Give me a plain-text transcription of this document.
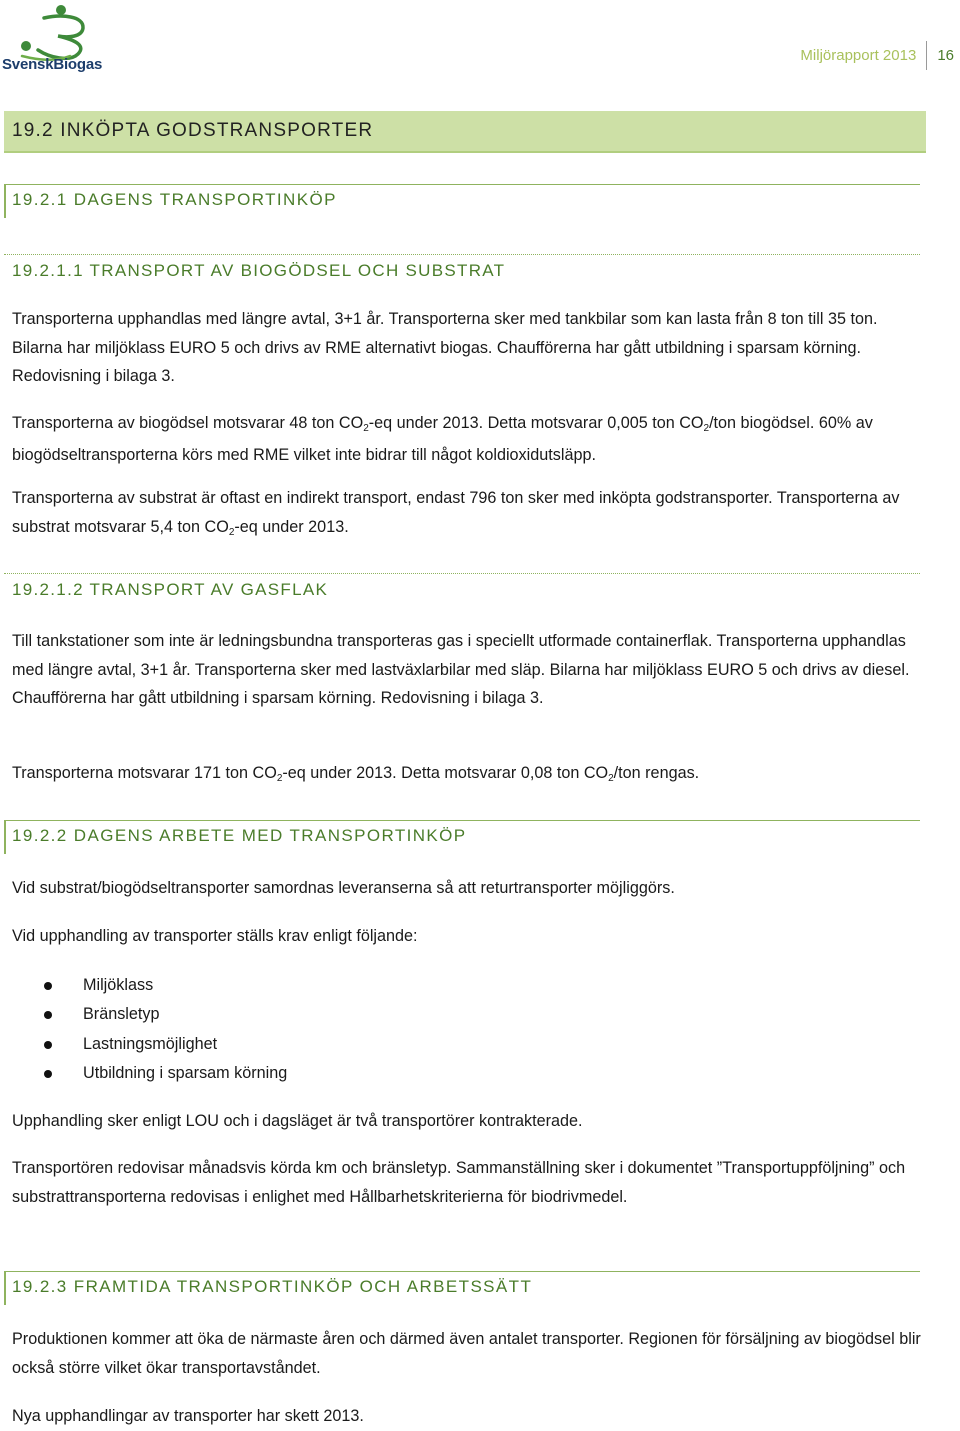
SvenskBiogas
Miljörapport 2013	16
19.2 INKÖPTA GODSTRANSPORTER
19.2.1 DAGENS TRANSPORTINKÖP
19.2.1.1 TRANSPORT AV BIOGÖDSEL OCH SUBSTRAT

Transporterna upphandlas med längre avtal, 3+1 år. Transporterna sker med tankbilar som kan lasta från 8 ton till 35 ton. Bilarna har miljöklass EURO 5 och drivs av RME alternativt biogas. Chaufförerna har gått utbildning i sparsam körning. Redovisning i bilaga 3.

Transporterna av biogödsel motsvarar 48 ton $CO_2-eq$ under 2013. Detta motsvarar 0,005 ton $CO_2$/ton biogödsel. 60% av biogödseltransporterna körs med RME vilket inte bidrar till något koldioxidutsläpp.

Transporterna av substrat är oftast en indirekt transport, endast 796 ton sker med inköpta godstransporter. Transporterna av substrat motsvarar 5,4 ton $CO_2-eq$ under 2013.

19.2.1.2 TRANSPORT AV GASFLAK

Till tankstationer som inte är ledningsbundna transporteras gas i speciellt utformade containerflak. Transporterna upphandlas med längre avtal, 3+1 år. Transporterna sker med lastväxlarbilar med släp. Bilarna har miljöklass EURO 5 och drivs av diesel. Chaufförerna har gått utbildning i sparsam körning. Redovisning i bilaga 3.

Transporterna motsvarar 171 ton $CO_2-eq$ under 2013. Detta motsvarar 0,08 ton $CO_2$/ton rengas.

19.2.2 DAGENS ARBETE MED TRANSPORTINKÖP

Vid substrat/biogödseltransporter samordnas leveranserna så att returtransporter möjliggörs.

Vid upphandling av transporter ställs krav enligt följande:

Miljöklass
Bränsletyp
Lastningsmöjlighet
Utbildning i sparsam körning

Upphandling sker enligt LOU och i dagsläget är två transportörer kontrakterade.

Transportören redovisar månadsvis körda km och bränsletyp. Sammanställning sker i dokumentet ”Transportuppföljning” och substrattransporterna redovisas i enlighet med Hållbarhetskriterierna för biodrivmedel.

19.2.3 FRAMTIDA TRANSPORTINKÖP OCH ARBETSSÄTT

Produktionen kommer att öka de närmaste åren och därmed även antalet transporter. Regionen för försäljning av biogödsel blir också större vilket ökar transportavståndet.

Nya upphandlingar av transporter har skett 2013.
